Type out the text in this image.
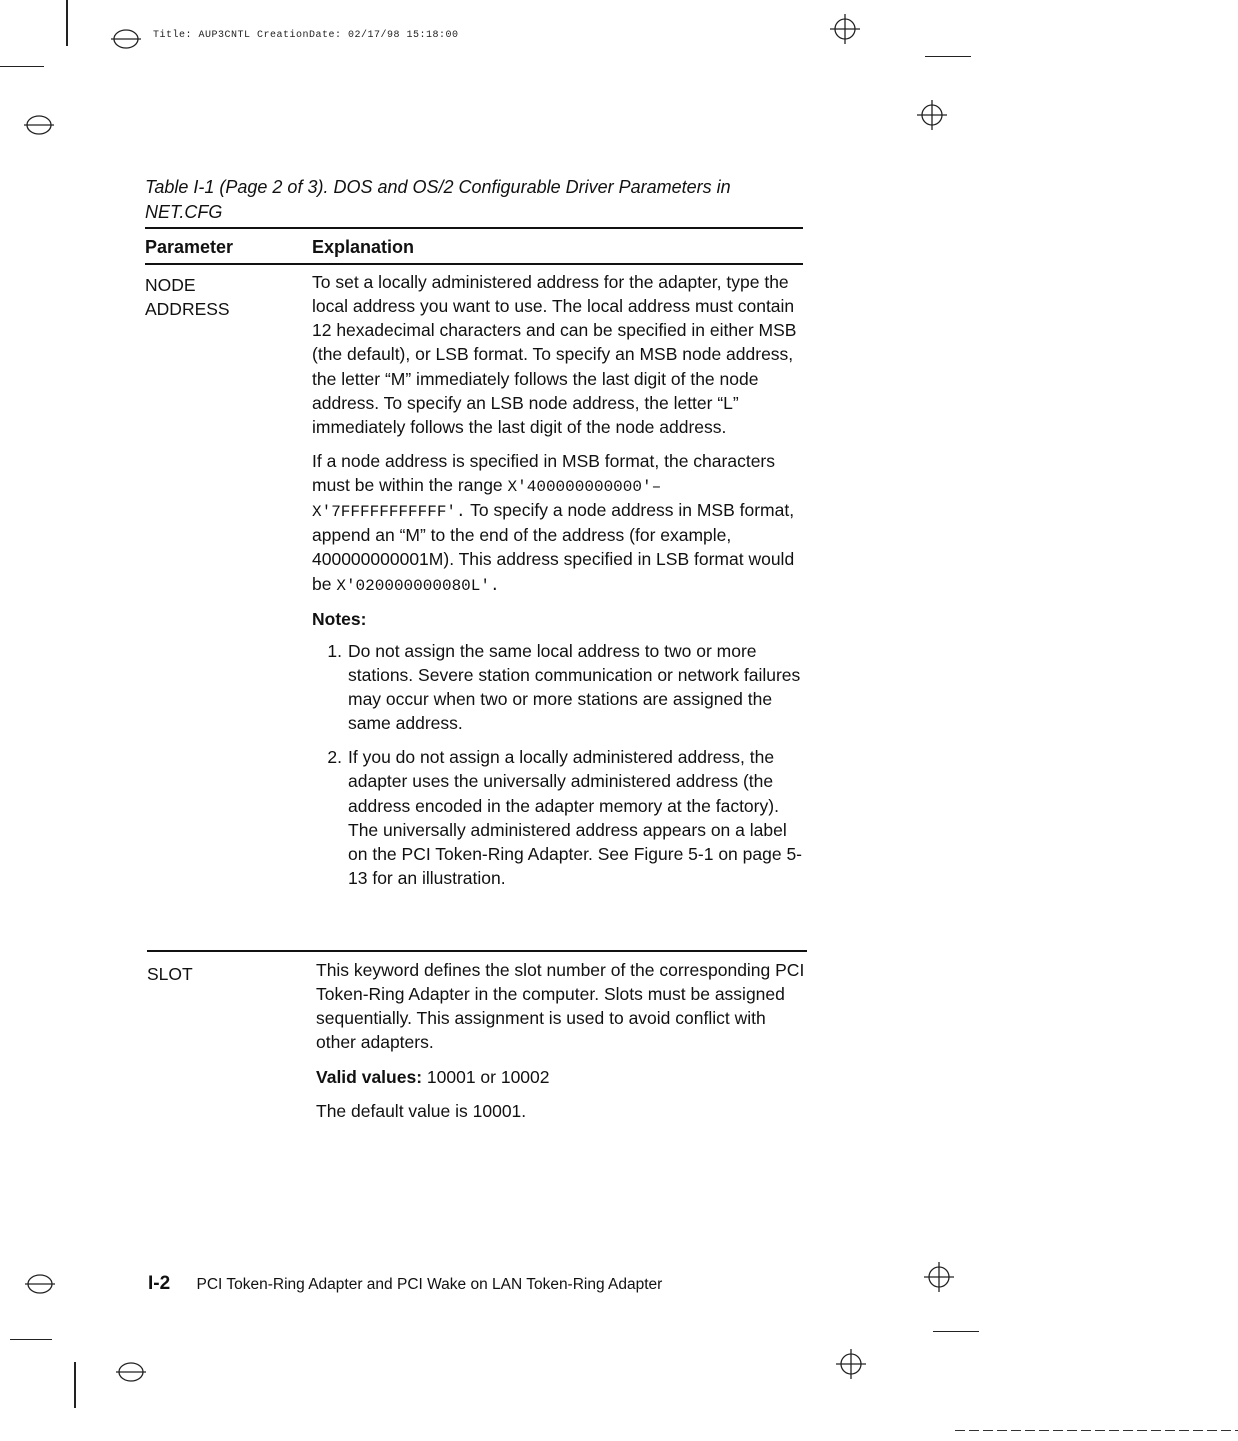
Title: AUP3CNTL CreationDate: 02/17/98 15:18:00
Table I-1 (Page 2 of 3). DOS and OS/2 Configurable Driver Parameters in NET.CFG
Parameter	Explanation
NODE
ADDRESS

To set a locally administered address for the adapter, type the local address you want to use. The local address must contain 12 hexadecimal characters and can be specified in either MSB (the default), or LSB format. To specify an MSB node address, the letter “M” immediately follows the last digit of the node address. To specify an LSB node address, the letter “L” immediately follows the last digit of the node address.

If a node address is specified in MSB format, the characters must be within the range X'400000000000'–X'7FFFFFFFFFFF'. To specify a node address in MSB format, append an “M” to the end of the address (for example, 400000000001M). This address specified in LSB format would be X'020000000080L'.

Notes:
1. Do not assign the same local address to two or more stations. Severe station communication or network failures may occur when two or more stations are assigned the same address.
2. If you do not assign a locally administered address, the adapter uses the universally administered address (the address encoded in the adapter memory at the factory). The universally administered address appears on a label on the PCI Token-Ring Adapter. See Figure 5-1 on page 5-13 for an illustration.
SLOT	This keyword defines the slot number of the corresponding PCI Token-Ring Adapter in the computer. Slots must be assigned sequentially. This assignment is used to avoid conflict with other adapters.

Valid values: 10001 or 10002

The default value is 10001.

I-2 PCI Token-Ring Adapter and PCI Wake on LAN Token-Ring Adapter
